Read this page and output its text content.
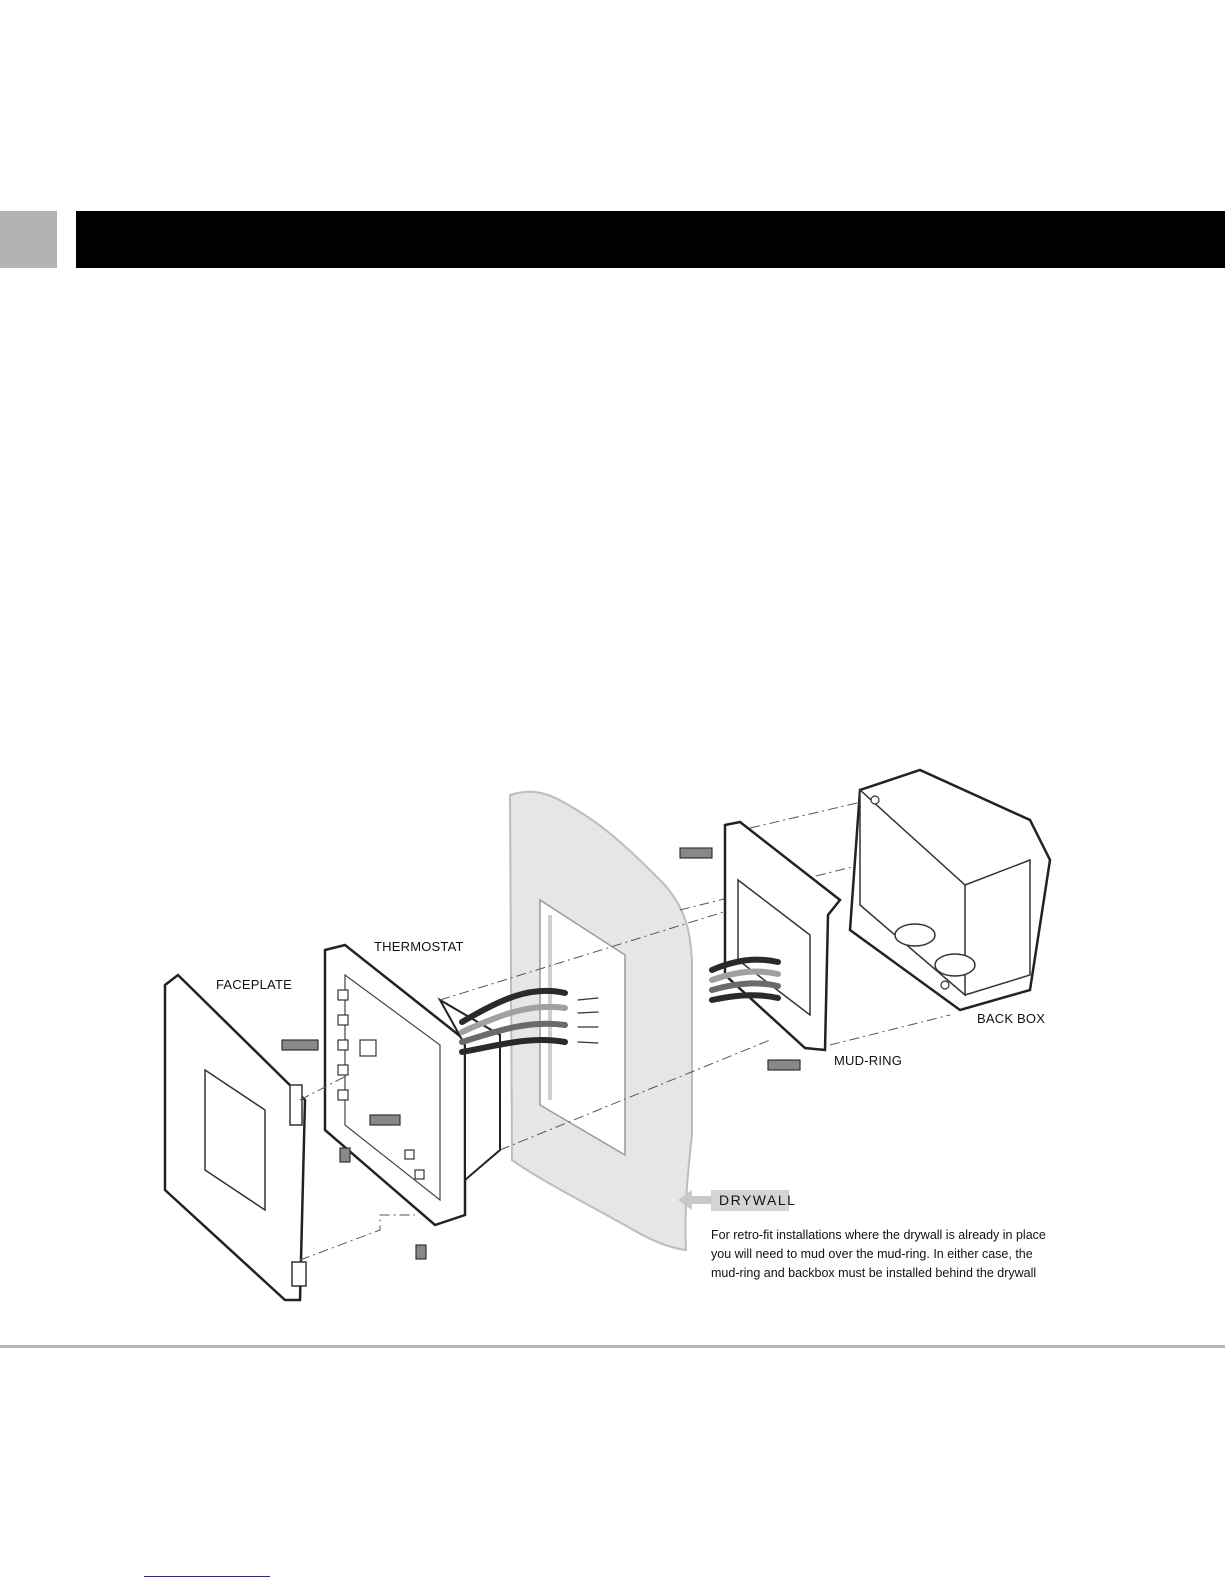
FACEPLATE
THERMOSTAT
BACK BOX
MUD-RING
DRYWALL
For retro-fit installations where the drywall is already in place
you will need to mud over the mud-ring. In either case, the
mud-ring and backbox must be installed behind the drywall
